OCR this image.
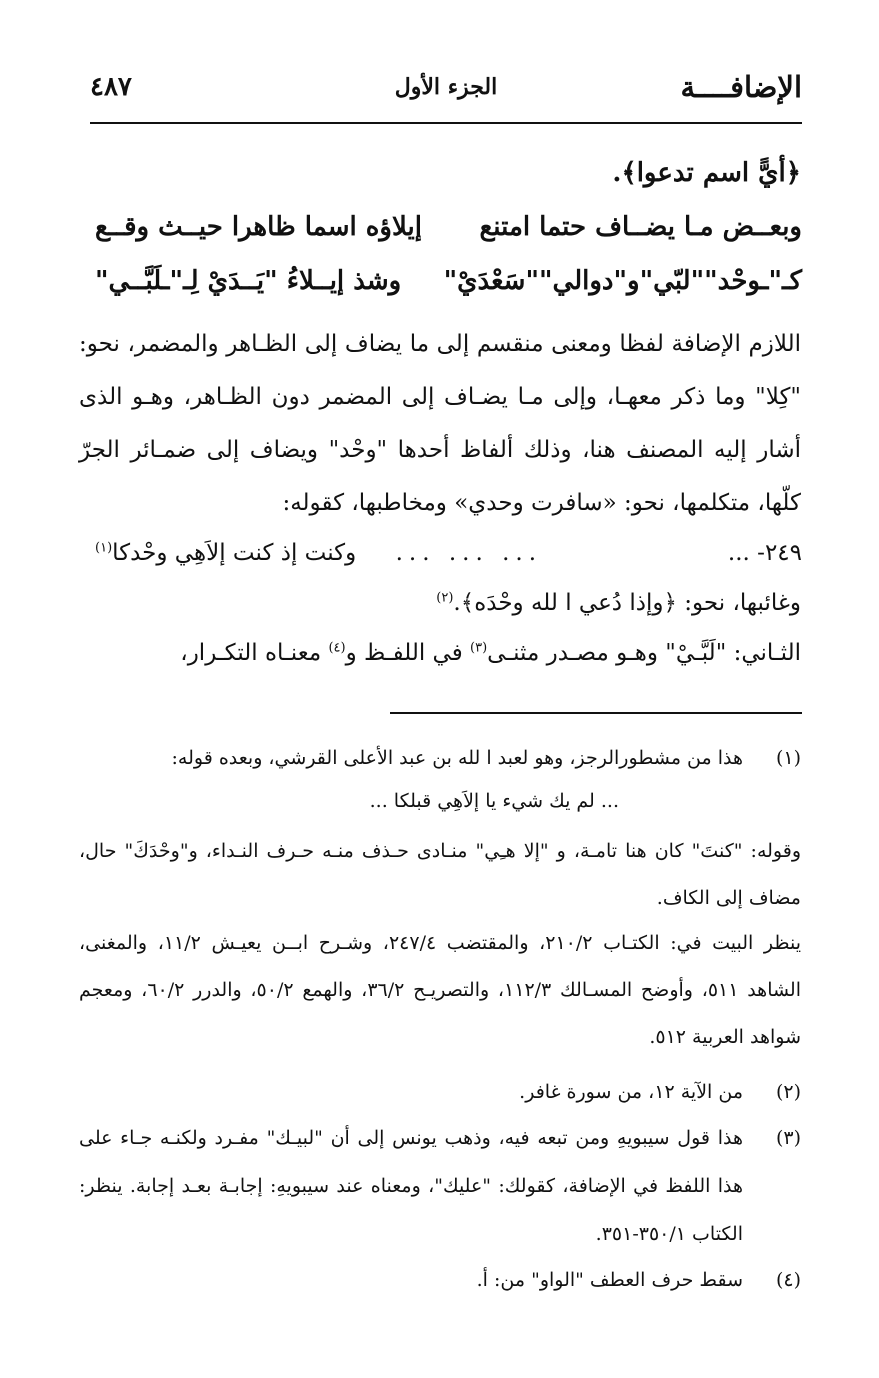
الإضافــــة
الجزء الأول
٤٨٧
﴿أيًّ اسم تدعوا﴾.
وبعــض مـا يضــاف حتما امتنع
إيلاؤه اسما ظاهرا حيــث وقــع
كـ"ـوحْد""لبّي"و"دوالي""سَعْدَيْ"
وشذ إيــلاءُ "يَــدَيْ لِـ"ـلَبَّــي"
اللازم الإضافة لفظا ومعنى منقسم إلى ما يضاف إلى الظـاهر والمضمر، نحو: "كِلا" وما ذكر معهـا، وإلى مـا يضـاف إلى المضمر دون الظـاهر، وهـو الذى أشار إليه المصنف هنا، وذلك ألفاظ أحدها "وحْد" ويضاف إلى ضمـائر الجرّ كلّها، متكلمها، نحو: «سافرت وحدي» ومخاطبها، كقوله:
٢٤٩- ...
... ... ...
وكنت إذ كنت إلاَهِي وحْدكا$^{(١)}$
وغائبها، نحو: ﴿وإذا دُعي ا لله وحْدَه﴾.$^{(٢)}$
الثـاني: "لَبَّـيْ" وهـو مصـدر مثنـى$^{(٣)}$ في اللفـظ و$^{(٤)}$ معنـاه التكـرار،
(١)
هذا من مشطورالرجز، وهو لعبد ا لله بن عبد الأعلى القرشي، وبعده قوله:
... لم يك شيء يا إلاَهِي قبلكا ...
وقوله: "كنتَ" كان هنا تامـة، و "إلا هـِي" منـادى حـذف منـه حـرف النـداء، و"وحْدَكَ" حال، مضاف إلى الكاف.
ينظر البيت في: الكتـاب ٢١٠/٢، والمقتضب ٢٤٧/٤، وشـرح ابــن يعيـش ١١/٢، والمغنى، الشاهد ٥١١، وأوضح المسـالك ١١٢/٣، والتصريـح ٣٦/٢، والهمع ٥٠/٢، والدرر ٦٠/٢، ومعجم شواهد العربية ٥١٢.
(٢)
من الآية ١٢، من سورة غافر.
(٣)
هذا قول سيبويهِ ومن تبعه فيه، وذهب يونس إلى أن "لبيـك" مفـرد ولكنـه جـاء على هذا اللفظ في الإضافة، كقولك: "عليك"، ومعناه عند سيبويهِ: إجابـة بعـد إجابة. ينظر: الكتاب ٣٥٠/١-٣٥١.
(٤)
سقط حرف العطف "الواو" من: أ.
